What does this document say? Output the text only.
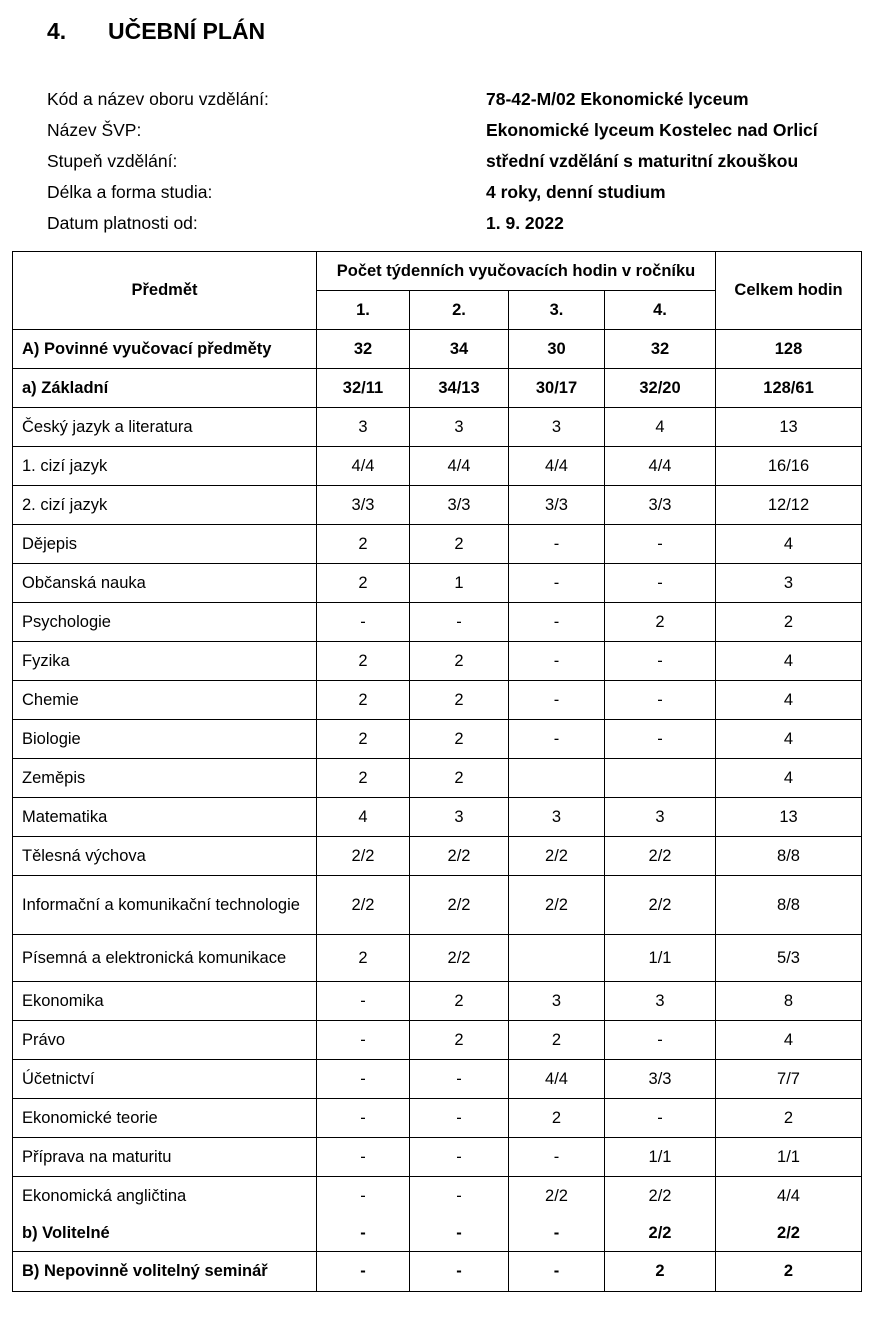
4. UČEBNÍ PLÁN
Kód a název oboru vzdělání:	78-42-M/02 Ekonomické lyceum
Název ŠVP:	Ekonomické lyceum Kostelec nad Orlicí
Stupeň vzdělání:	střední vzdělání s maturitní zkouškou
Délka a forma studia:	4 roky, denní studium
Datum platnosti od:	1. 9. 2022
Předmět	Počet týdenních vyučovacích hodin v ročníku				Celkem hodin
	1.	2.	3.	4.	
A) Povinné vyučovací předměty	32	34	30	32	128
a) Základní	32/11	34/13	30/17	32/20	128/61
Český jazyk a literatura	3	3	3	4	13
1. cizí jazyk	4/4	4/4	4/4	4/4	16/16
2. cizí jazyk	3/3	3/3	3/3	3/3	12/12
Dějepis	2	2	-	-	4
Občanská nauka	2	1	-	-	3
Psychologie	-	-	-	2	2
Fyzika	2	2	-	-	4
Chemie	2	2	-	-	4
Biologie	2	2	-	-	4
Zeměpis	2	2			4
Matematika	4	3	3	3	13
Tělesná výchova	2/2	2/2	2/2	2/2	8/8
Informační a komunikační technologie	2/2	2/2	2/2	2/2	8/8
Písemná a elektronická komunikace	2	2/2		1/1	5/3
Ekonomika	-	2	3	3	8
Právo	-	2	2	-	4
Účetnictví	-	-	4/4	3/3	7/7
Ekonomické teorie	-	-	2	-	2
Příprava na maturitu	-	-	-	1/1	1/1
Ekonomická angličtina	-	-	2/2	2/2	4/4
b) Volitelné	-	-	-	2/2	2/2
B) Nepovinně volitelný seminář	-	-	-	2	2
